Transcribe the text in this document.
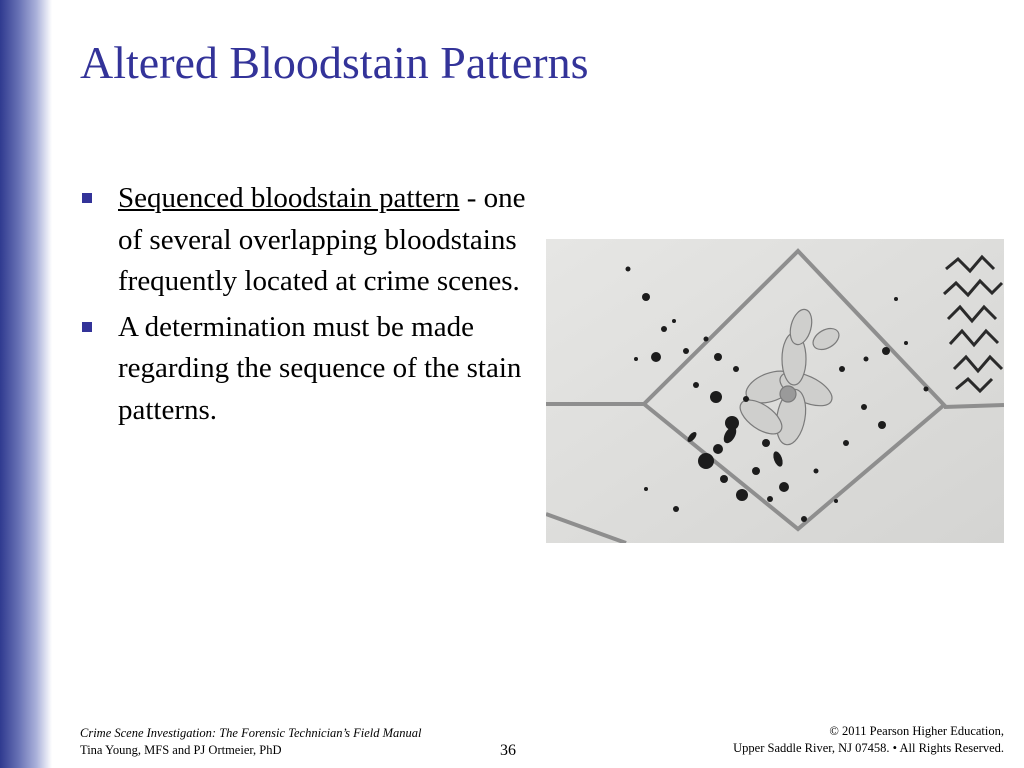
Altered Bloodstain Patterns
Sequenced bloodstain pattern - one of several overlapping bloodstains frequently located at crime scenes.
A determination must be made regarding the sequence of the stain patterns.
Crime Scene Investigation: The Forensic Technician’s Field Manual
Tina Young, MFS and PJ Ortmeier, PhD	36
© 2011 Pearson Higher Education,
Upper Saddle River, NJ 07458. • All Rights Reserved.
